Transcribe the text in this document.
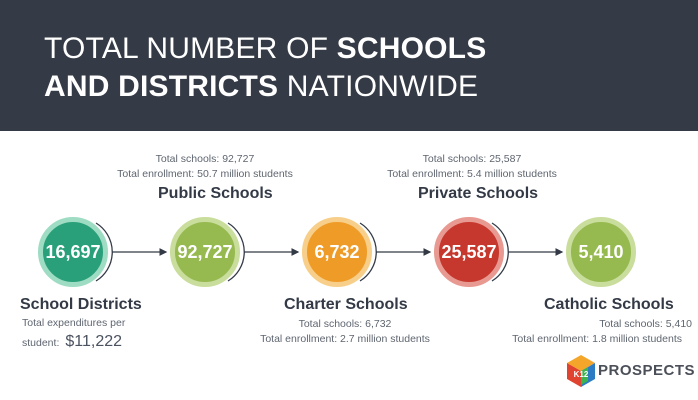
TOTAL NUMBER OF SCHOOLS
AND DISTRICTS NATIONWIDE
16,697	92,727	6,732	25,587	5,410
Total schools: 92,727
Total enrollment: 50.7 million students
Public Schools
Total schools: 25,587
Total enrollment: 5.4 million students
Private Schools
School Districts
Total expenditures per
student: $11,222
Charter Schools
Total schools: 6,732
Total enrollment: 2.7 million students
Catholic Schools
Total schools: 5,410
Total enrollment: 1.8 million students
K12 PROSPECTS
